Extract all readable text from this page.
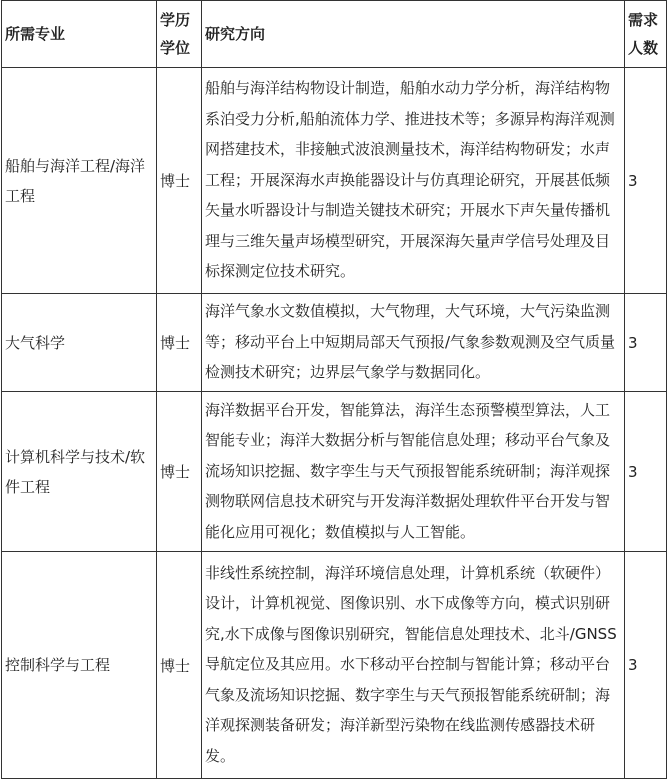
所需专业	学历学位	研究方向	需求人数
船舶与海洋工程/海洋工程	博士	船舶与海洋结构物设计制造，船舶水动力学分析，海洋结构物系泊受力分析,船舶流体力学、推进技术等；多源异构海洋观测网搭建技术，非接触式波浪测量技术，海洋结构物研发；水声工程；开展深海水声换能器设计与仿真理论研究，开展甚低频矢量水听器设计与制造关键技术研究；开展水下声矢量传播机理与三维矢量声场模型研究，开展深海矢量声学信号处理及目标探测定位技术研究。	3
大气科学	博士	海洋气象水文数值模拟，大气物理，大气环境，大气污染监测等；移动平台上中短期局部天气预报/气象参数观测及空气质量检测技术研究；边界层气象学与数据同化。	3
计算机科学与技术/软件工程	博士	海洋数据平台开发，智能算法，海洋生态预警模型算法，人工智能专业；海洋大数据分析与智能信息处理；移动平台气象及流场知识挖掘、数字孪生与天气预报智能系统研制；海洋观探测物联网信息技术研究与开发海洋数据处理软件平台开发与智能化应用可视化；数值模拟与人工智能。	3
控制科学与工程	博士	非线性系统控制，海洋环境信息处理，计算机系统（软硬件）设计，计算机视觉、图像识别、水下成像等方向，模式识别研究,水下成像与图像识别研究，智能信息处理技术、北斗/GNSS导航定位及其应用。水下移动平台控制与智能计算；移动平台气象及流场知识挖掘、数字孪生与天气预报智能系统研制；海洋观探测装备研发；海洋新型污染物在线监测传感器技术研发。	3
